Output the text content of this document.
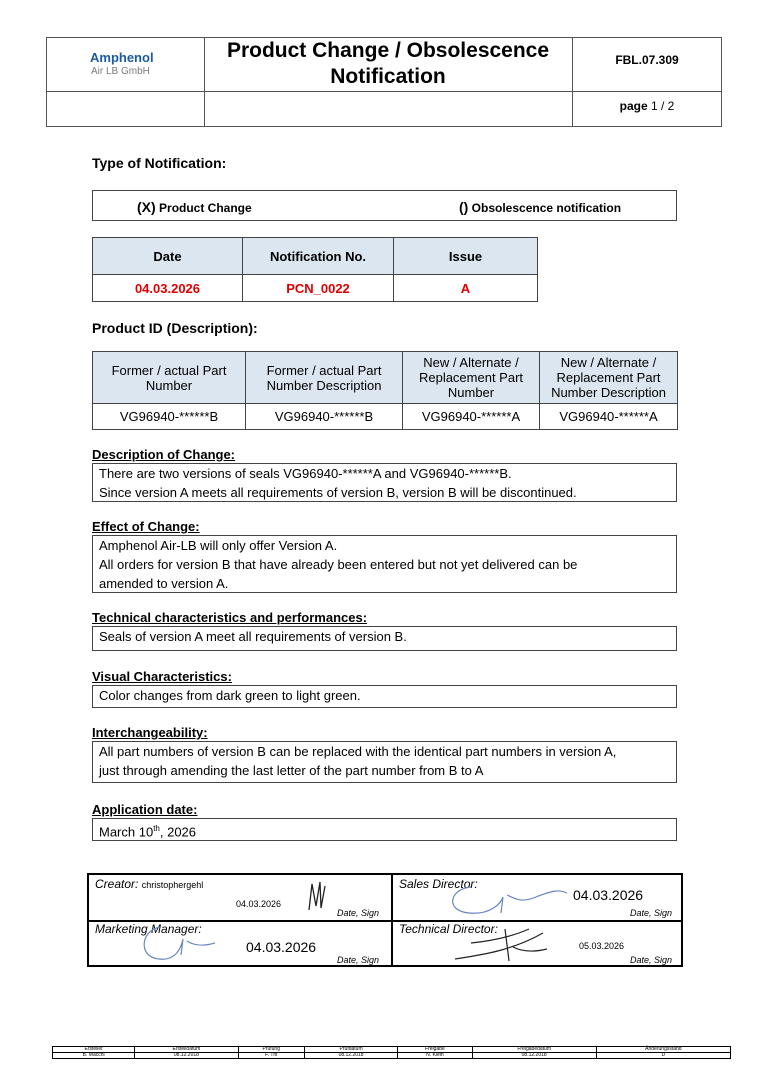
Amphenol
Air LB GmbH
Product Change / Obsolescence
Notification
FBL.07.309
page 1 / 2
Type of Notification:
(X) Product Change	() Obsolescence notification
Date	Notification No.	Issue
04.03.2026	PCN_0022	A
Product ID (Description):
Former / actual Part Number	Former / actual Part Number Description	New / Alternate / Replacement Part Number	New / Alternate / Replacement Part Number Description
VG96940-******B	VG96940-******B	VG96940-******A	VG96940-******A
Description of Change:
There are two versions of seals VG96940-******A and VG96940-******B.
Since version A meets all requirements of version B, version B will be discontinued.
Effect of Change:
Amphenol Air-LB will only offer Version A.
All orders for version B that have already been entered but not yet delivered can be
amended to version A.
Technical characteristics and performances:
Seals of version A meet all requirements of version B.
Visual Characteristics:
Color changes from dark green to light green.
Interchangeability:
All part numbers of version B can be replaced with the identical part numbers in version A,
just through amending the last letter of the part number from B to A
Application date:
March 10th, 2026
Creator: christophergehl
04.03.2026
Date, Sign
Sales Director:
04.03.2026
Date, Sign
Marketing Manager:
04.03.2026
Date, Sign
Technical Director:
05.03.2026
Date, Sign
Ersteller	Erstelldatum	Prüfung	Prüfdatum	Freigabe	Freigabedatum	Änderungsstand
B. Macchi	08.12.2018	F. Thi	08.12.2018	N. Klein	08.12.2018	D
